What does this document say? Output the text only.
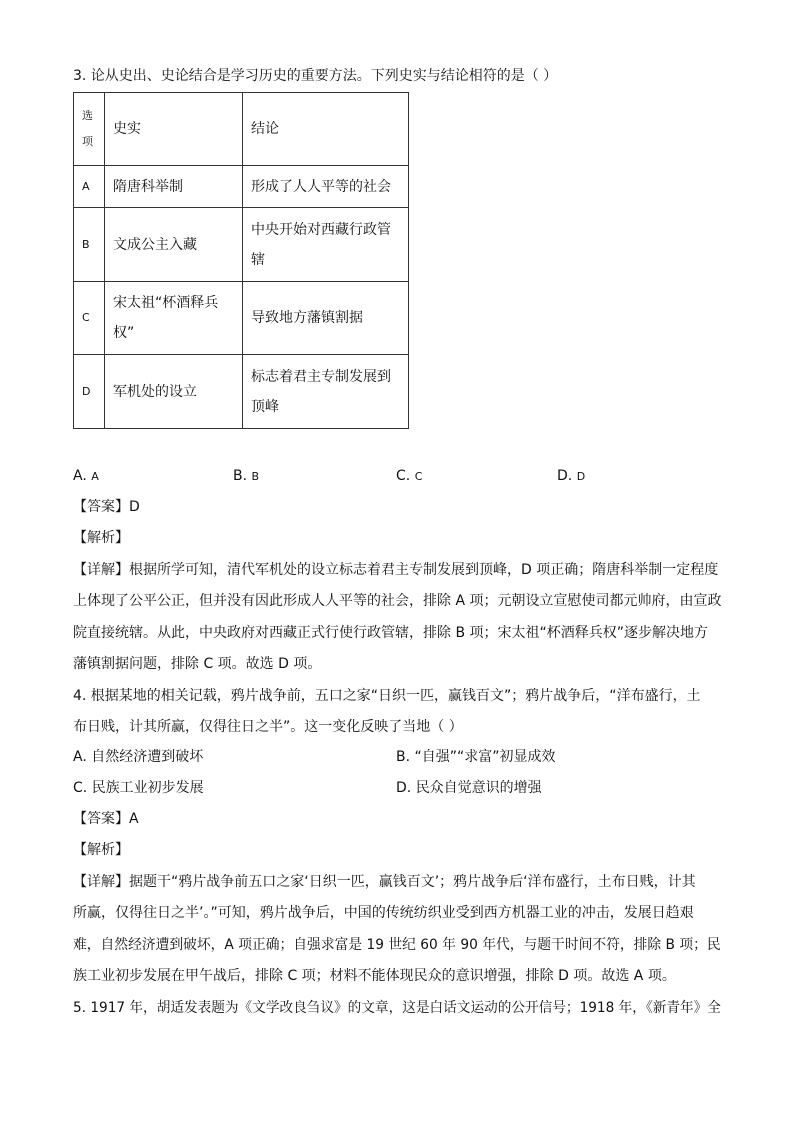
3. 论从史出、史论结合是学习历史的重要方法。下列史实与结论相符的是（ ）
选
项	史实	结论
A	隋唐科举制	形成了人人平等的社会
B	文成公主入藏	中央开始对西藏行政管
辖
C	宋太祖“杯酒释兵
权”	导致地方藩镇割据
D	军机处的设立	标志着君主专制发展到
顶峰
A. A	B. B	C. C	D. D
【答案】D
【解析】
【详解】根据所学可知，清代军机处的设立标志着君主专制发展到顶峰，D 项正确；隋唐科举制一定程度
上体现了公平公正，但并没有因此形成人人平等的社会，排除 A 项；元朝设立宣慰使司都元帅府，由宣政
院直接统辖。从此，中央政府对西藏正式行使行政管辖，排除 B 项；宋太祖“杯酒释兵权”逐步解决地方
藩镇割据问题，排除 C 项。故选 D 项。
4. 根据某地的相关记载，鸦片战争前，五口之家“日织一匹，赢钱百文”；鸦片战争后，“洋布盛行，土
布日贱，计其所赢，仅得往日之半”。这一变化反映了当地（ ）
A. 自然经济遭到破坏	B. “自强”“求富”初显成效
C. 民族工业初步发展	D. 民众自觉意识的增强
【答案】A
【解析】
【详解】据题干“鸦片战争前五口之家‘日织一匹，赢钱百文’；鸦片战争后‘洋布盛行，土布日贱，计其
所赢，仅得往日之半’。”可知，鸦片战争后，中国的传统纺织业受到西方机器工业的冲击，发展日趋艰
难，自然经济遭到破坏，A 项正确；自强求富是 19 世纪 60 年 90 年代，与题干时间不符，排除 B 项；民
族工业初步发展在甲午战后，排除 C 项；材料不能体现民众的意识增强，排除 D 项。故选 A 项。
5. 1917 年，胡适发表题为《文学改良刍议》的文章，这是白话文运动的公开信号；1918 年，《新青年》全
